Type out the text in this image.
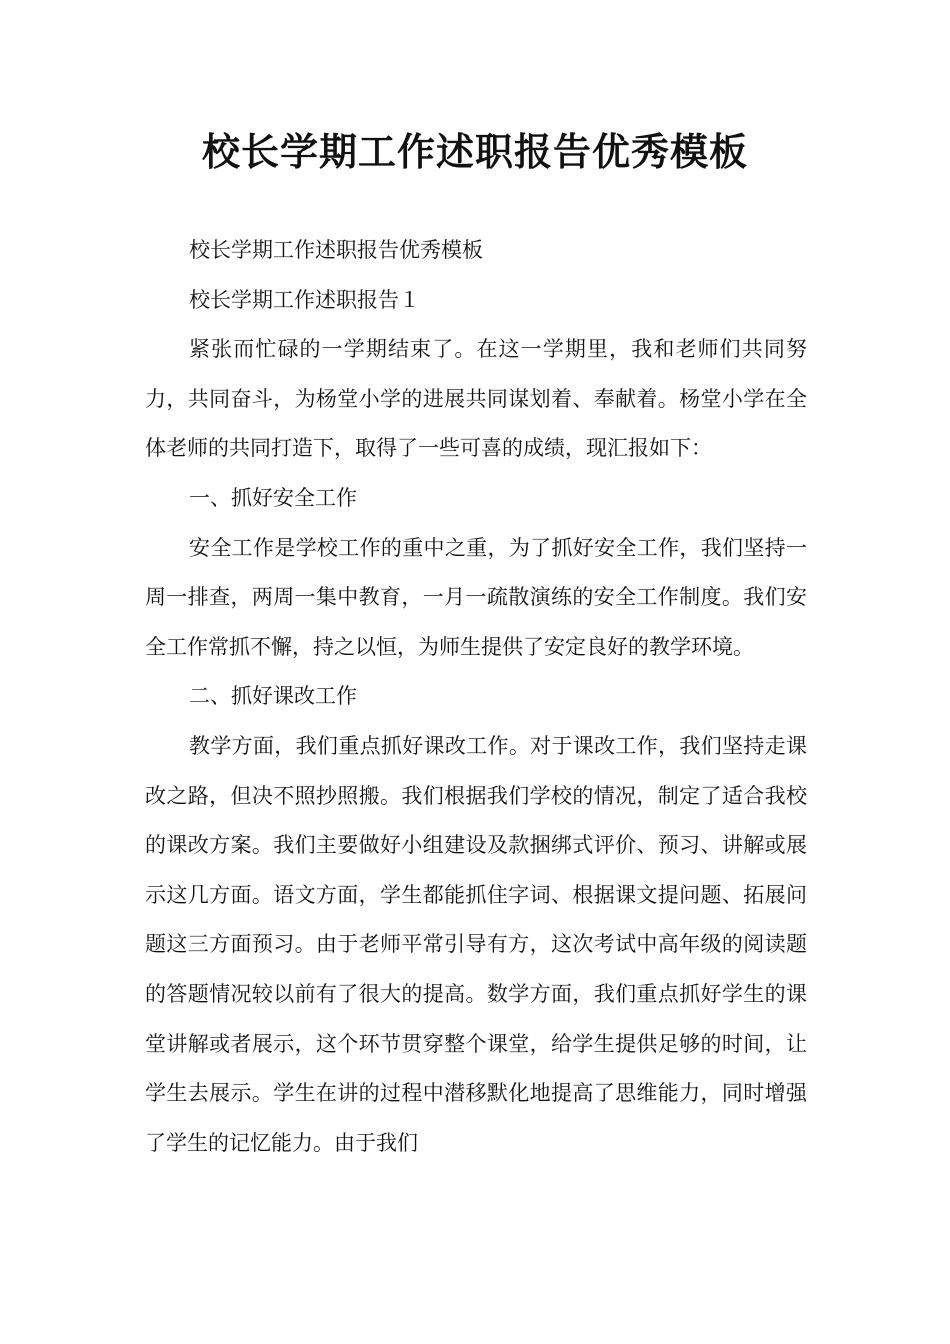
校长学期工作述职报告优秀模板

校长学期工作述职报告优秀模板

校长学期工作述职报告１

紧张而忙碌的一学期结束了。在这一学期里，我和老师们共同努力，共同奋斗，为杨堂小学的进展共同谋划着、奉献着。杨堂小学在全体老师的共同打造下，取得了一些可喜的成绩，现汇报如下：

一、抓好安全工作

安全工作是学校工作的重中之重，为了抓好安全工作，我们坚持一周一排查，两周一集中教育，一月一疏散演练的安全工作制度。我们安全工作常抓不懈，持之以恒，为师生提供了安定良好的教学环境。

二、抓好课改工作

教学方面，我们重点抓好课改工作。对于课改工作，我们坚持走课改之路，但决不照抄照搬。我们根据我们学校的情况，制定了适合我校的课改方案。我们主要做好小组建设及款捆绑式评价、预习、讲解或展示这几方面。语文方面，学生都能抓住字词、根据课文提问题、拓展问题这三方面预习。由于老师平常引导有方，这次考试中高年级的阅读题的答题情况较以前有了很大的提高。数学方面，我们重点抓好学生的课堂讲解或者展示，这个环节贯穿整个课堂，给学生提供足够的时间，让学生去展示。学生在讲的过程中潜移默化地提高了思维能力，同时增强了学生的记忆能力。由于我们
